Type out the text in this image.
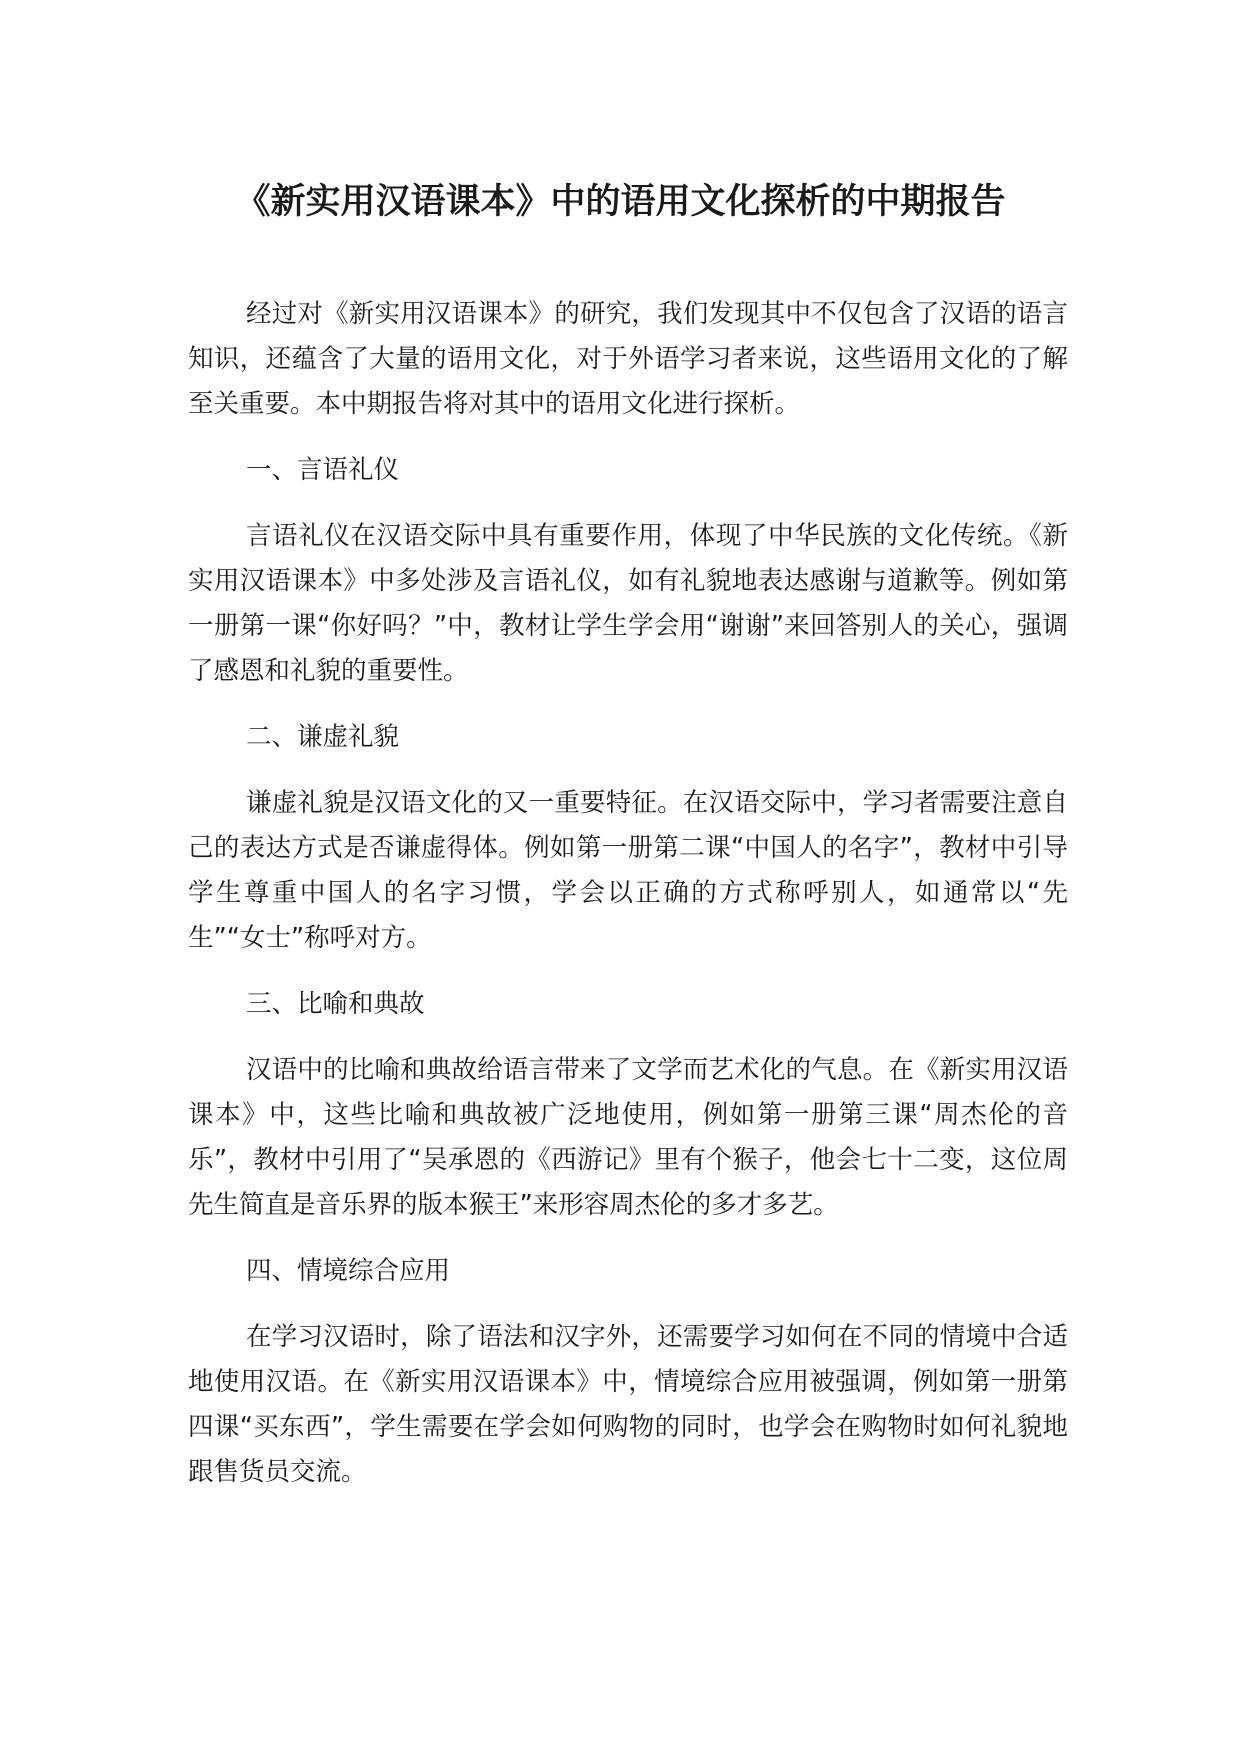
《新实用汉语课本》中的语用文化探析的中期报告

经过对《新实用汉语课本》的研究，我们发现其中不仅包含了汉语的语言知识，还蕴含了大量的语用文化，对于外语学习者来说，这些语用文化的了解至关重要。本中期报告将对其中的语用文化进行探析。

一、言语礼仪

言语礼仪在汉语交际中具有重要作用，体现了中华民族的文化传统。《新实用汉语课本》中多处涉及言语礼仪，如有礼貌地表达感谢与道歉等。例如第一册第一课“你好吗？”中，教材让学生学会用“谢谢”来回答别人的关心，强调了感恩和礼貌的重要性。

二、谦虚礼貌

谦虚礼貌是汉语文化的又一重要特征。在汉语交际中，学习者需要注意自己的表达方式是否谦虚得体。例如第一册第二课“中国人的名字”，教材中引导学生尊重中国人的名字习惯，学会以正确的方式称呼别人，如通常以“先生”“女士”称呼对方。

三、比喻和典故

汉语中的比喻和典故给语言带来了文学而艺术化的气息。在《新实用汉语课本》中，这些比喻和典故被广泛地使用，例如第一册第三课“周杰伦的音乐”，教材中引用了“吴承恩的《西游记》里有个猴子，他会七十二变，这位周先生简直是音乐界的版本猴王”来形容周杰伦的多才多艺。

四、情境综合应用

在学习汉语时，除了语法和汉字外，还需要学习如何在不同的情境中合适地使用汉语。在《新实用汉语课本》中，情境综合应用被强调，例如第一册第四课“买东西”，学生需要在学会如何购物的同时，也学会在购物时如何礼貌地跟售货员交流。
